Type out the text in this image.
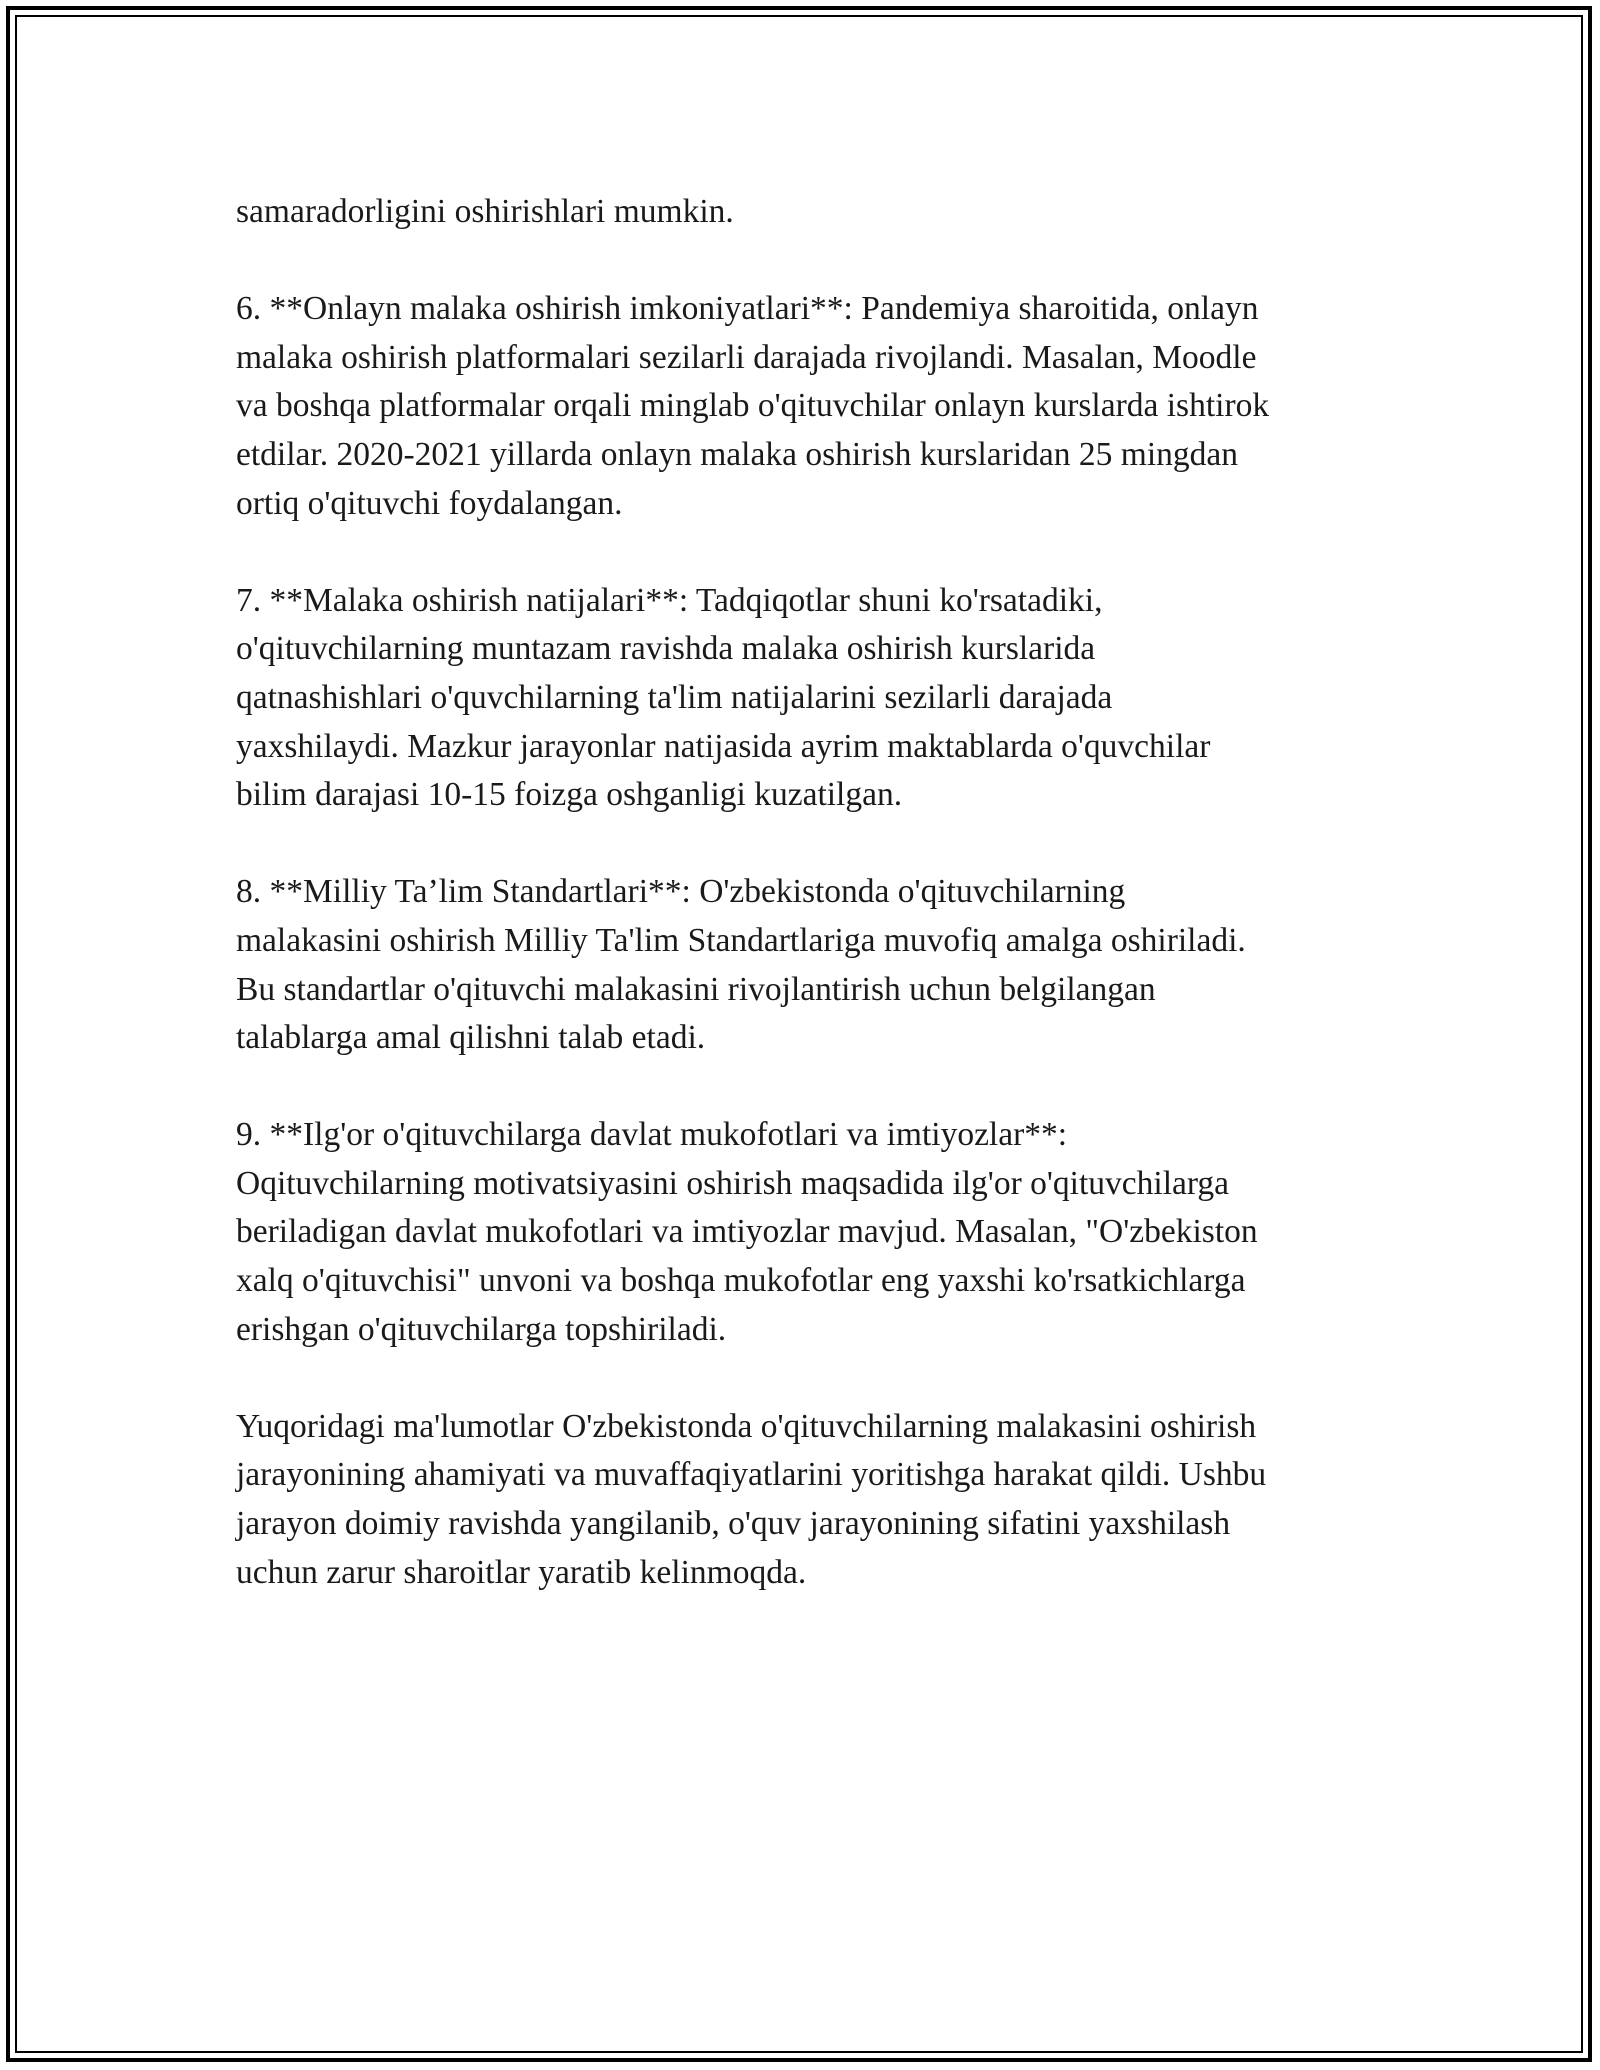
samaradorligini oshirishlari mumkin.

6. **Onlayn malaka oshirish imkoniyatlari**: Pandemiya sharoitida, onlayn
malaka oshirish platformalari sezilarli darajada rivojlandi. Masalan, Moodle
va boshqa platformalar orqali minglab o'qituvchilar onlayn kurslarda ishtirok
etdilar. 2020-2021 yillarda onlayn malaka oshirish kurslaridan 25 mingdan
ortiq o'qituvchi foydalangan.

7. **Malaka oshirish natijalari**: Tadqiqotlar shuni ko'rsatadiki,
o'qituvchilarning muntazam ravishda malaka oshirish kurslarida
qatnashishlari o'quvchilarning ta'lim natijalarini sezilarli darajada
yaxshilaydi. Mazkur jarayonlar natijasida ayrim maktablarda o'quvchilar
bilim darajasi 10-15 foizga oshganligi kuzatilgan.

8. **Milliy Ta’lim Standartlari**: O'zbekistonda o'qituvchilarning
malakasini oshirish Milliy Ta'lim Standartlariga muvofiq amalga oshiriladi.
Bu standartlar o'qituvchi malakasini rivojlantirish uchun belgilangan
talablarga amal qilishni talab etadi.

9. **Ilg'or o'qituvchilarga davlat mukofotlari va imtiyozlar**:
Oqituvchilarning motivatsiyasini oshirish maqsadida ilg'or o'qituvchilarga
beriladigan davlat mukofotlari va imtiyozlar mavjud. Masalan, "O'zbekiston
xalq o'qituvchisi" unvoni va boshqa mukofotlar eng yaxshi ko'rsatkichlarga
erishgan o'qituvchilarga topshiriladi.

Yuqoridagi ma'lumotlar O'zbekistonda o'qituvchilarning malakasini oshirish
jarayonining ahamiyati va muvaffaqiyatlarini yoritishga harakat qildi. Ushbu
jarayon doimiy ravishda yangilanib, o'quv jarayonining sifatini yaxshilash
uchun zarur sharoitlar yaratib kelinmoqda.
